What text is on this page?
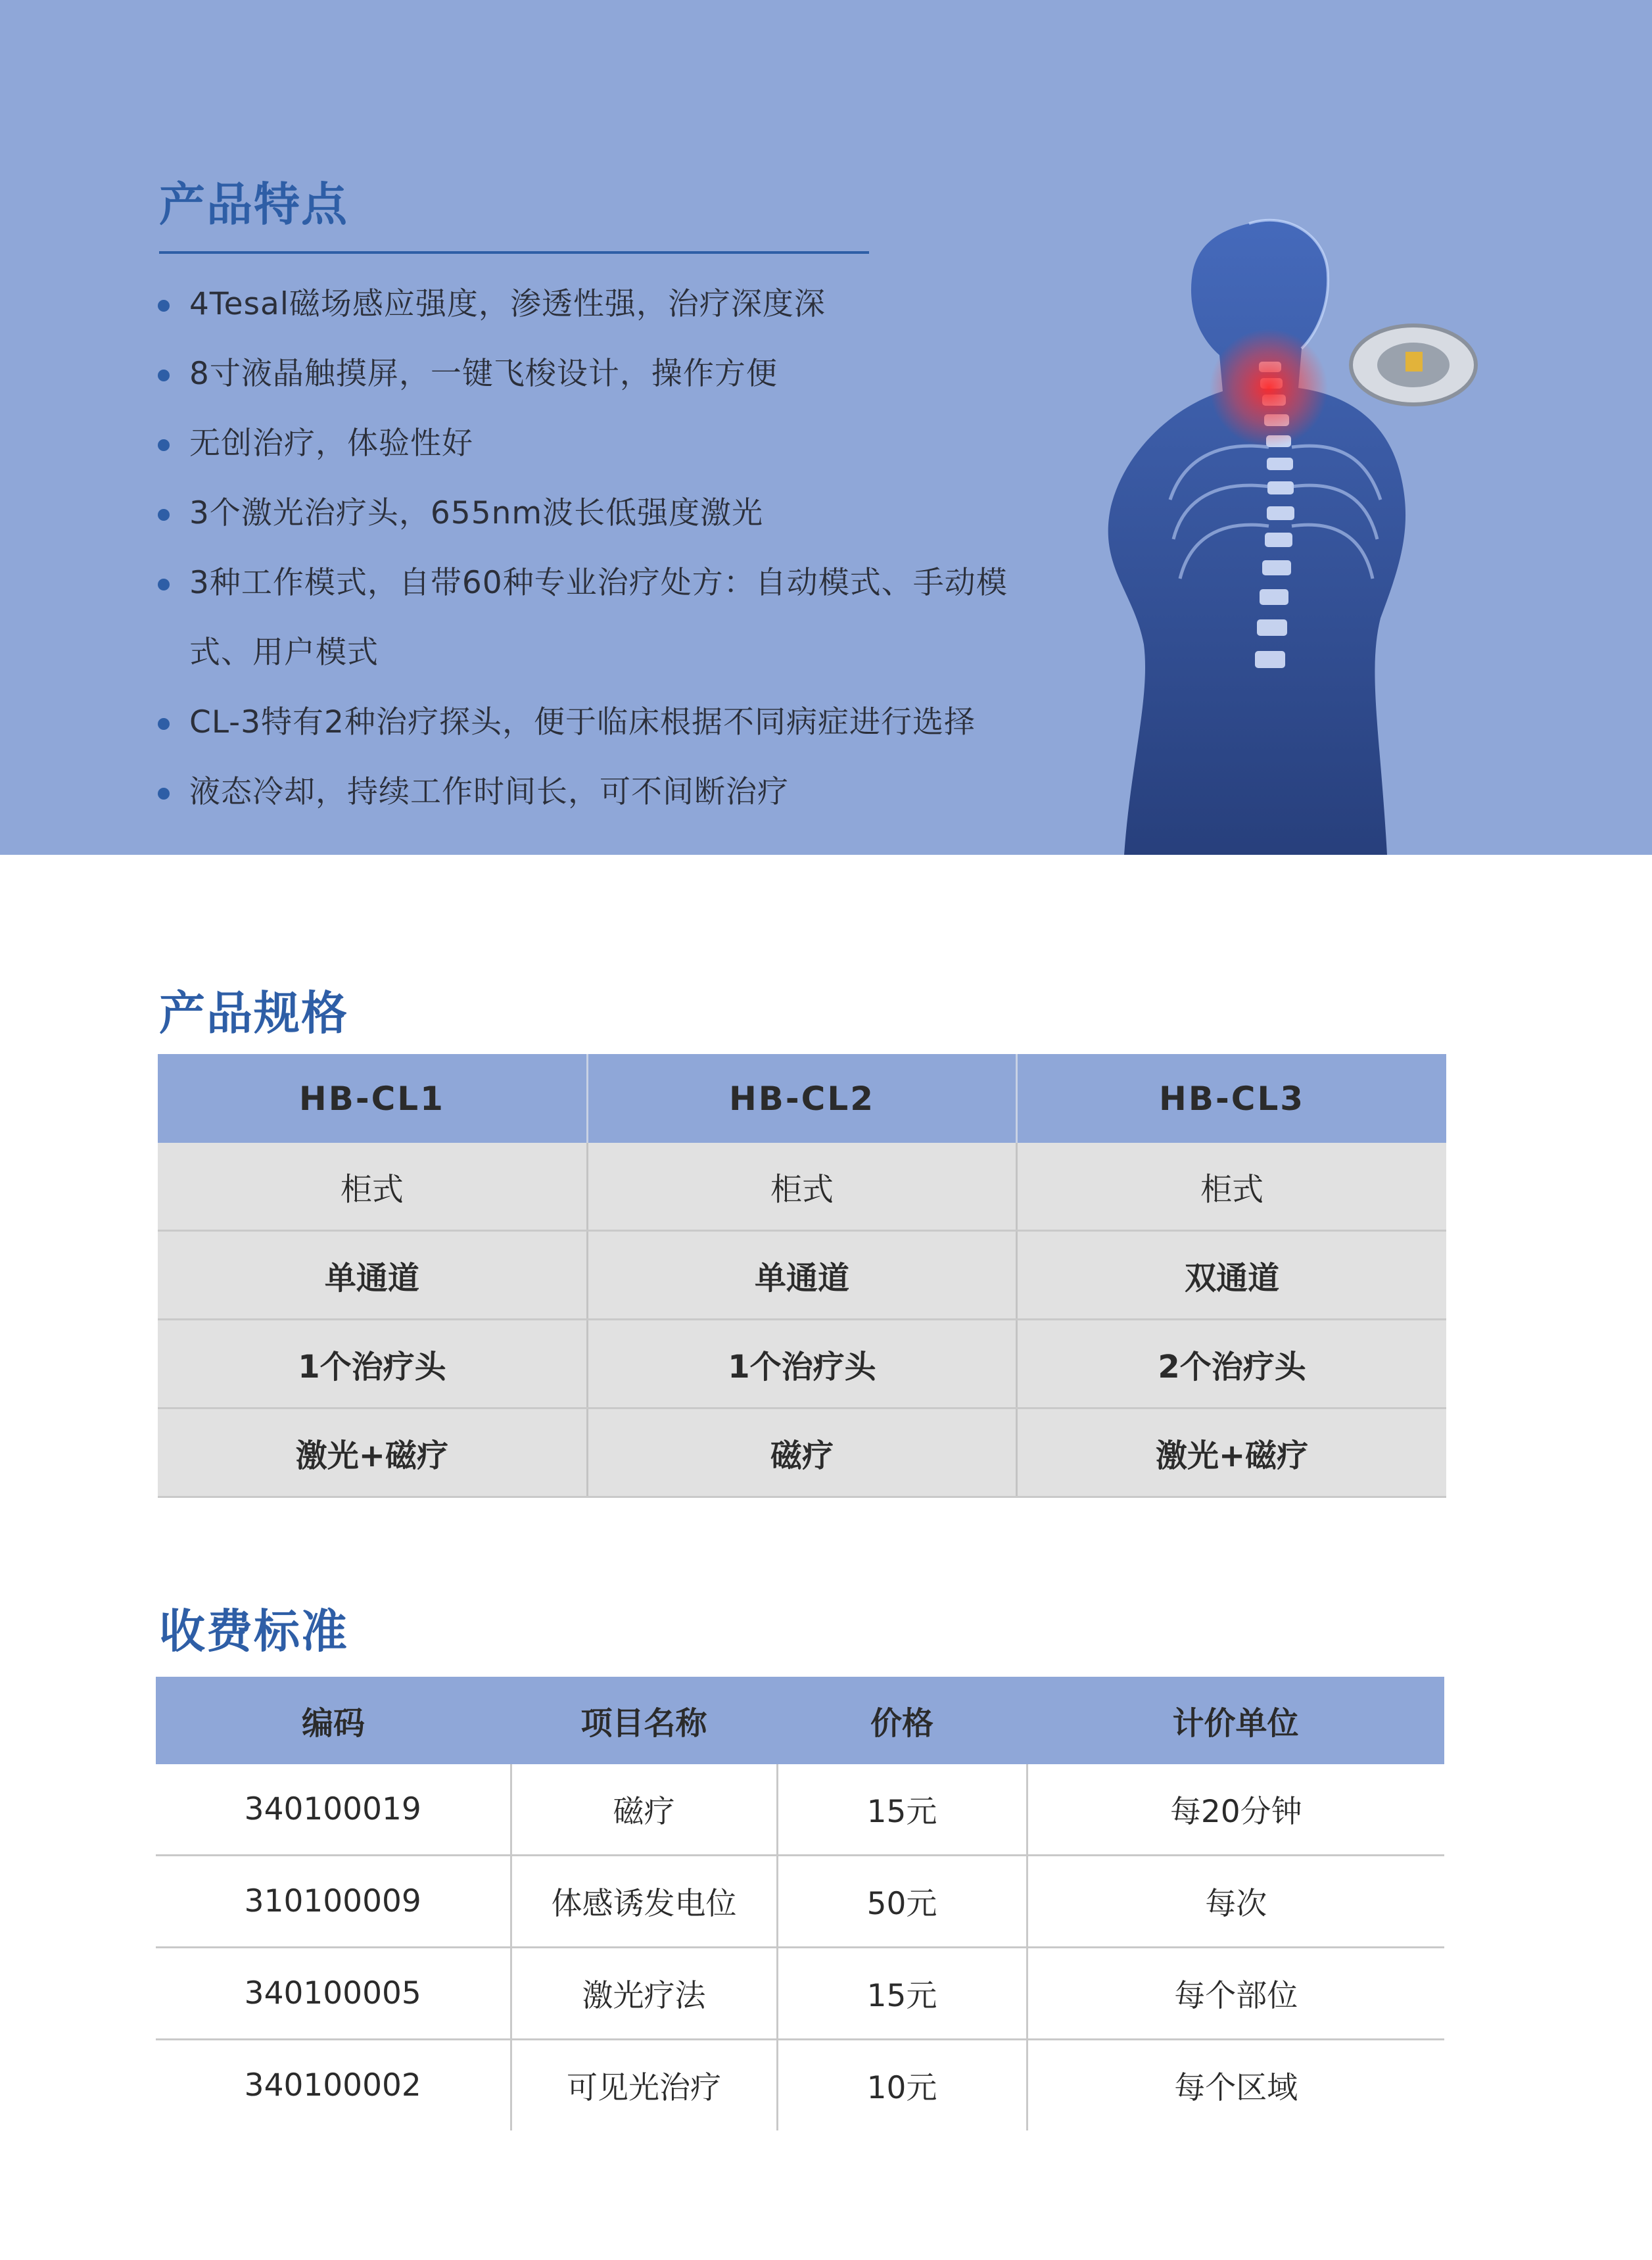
产品特点
4Tesal磁场感应强度，渗透性强，治疗深度深
8寸液晶触摸屏，一键飞梭设计，操作方便
无创治疗，体验性好
3个激光治疗头，655nm波长低强度激光
3种工作模式，自带60种专业治疗处方：自动模式、手动模式、用户模式
CL-3特有2种治疗探头，便于临床根据不同病症进行选择
液态冷却，持续工作时间长，可不间断治疗
产品规格
HB-CL1	HB-CL2	HB-CL3
柜式	柜式	柜式
单通道	单通道	双通道
1个治疗头	1个治疗头	2个治疗头
激光+磁疗	磁疗	激光+磁疗
收费标准
编码	项目名称	价格	计价单位
340100019	磁疗	15元	每20分钟
310100009	体感诱发电位	50元	每次
340100005	激光疗法	15元	每个部位
340100002	可见光治疗	10元	每个区域
